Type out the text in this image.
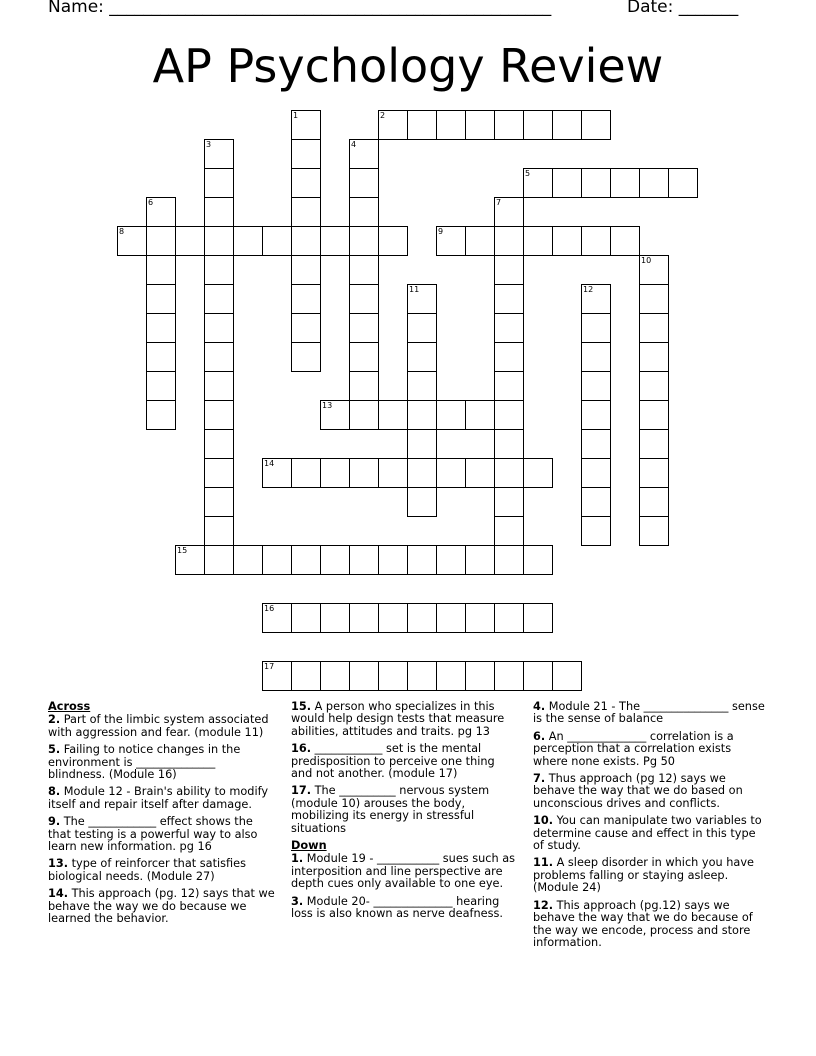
Name: ____________________________________________________	Date: _______
AP Psychology Review
1	2
3	4
5
6	7
8	9
10
11	12
13
14
15
16
17
Across
2. Part of the limbic system associated with aggression and fear. (module 11)
5. Failing to notice changes in the environment is ______________ blindness. (Module 16)
8. Module 12 - Brain's ability to modify itself and repair itself after damage.
9. The ____________ effect shows the that testing is a powerful way to also learn new information. pg 16
13. type of reinforcer that satisfies biological needs. (Module 27)
14. This approach (pg. 12) says that we behave the way we do because we learned the behavior.
15. A person who specializes in this would help design tests that measure abilities, attitudes and traits. pg 13
16. ____________ set is the mental predisposition to perceive one thing and not another. (module 17)
17. The __________ nervous system (module 10) arouses the body, mobilizing its energy in stressful situations
Down
1. Module 19 - ___________ sues such as interposition and line perspective are depth cues only available to one eye.
3. Module 20- ______________ hearing loss is also known as nerve deafness.
4. Module 21 - The _______________ sense is the sense of balance
6. An ______________ correlation is a perception that a correlation exists where none exists. Pg 50
7. Thus approach (pg 12) says we behave the way that we do based on unconscious drives and conflicts.
10. You can manipulate two variables to determine cause and effect in this type of study.
11. A sleep disorder in which you have problems falling or staying asleep.(Module 24)
12. This approach (pg.12) says we behave the way that we do because of the way we encode, process and store information.
